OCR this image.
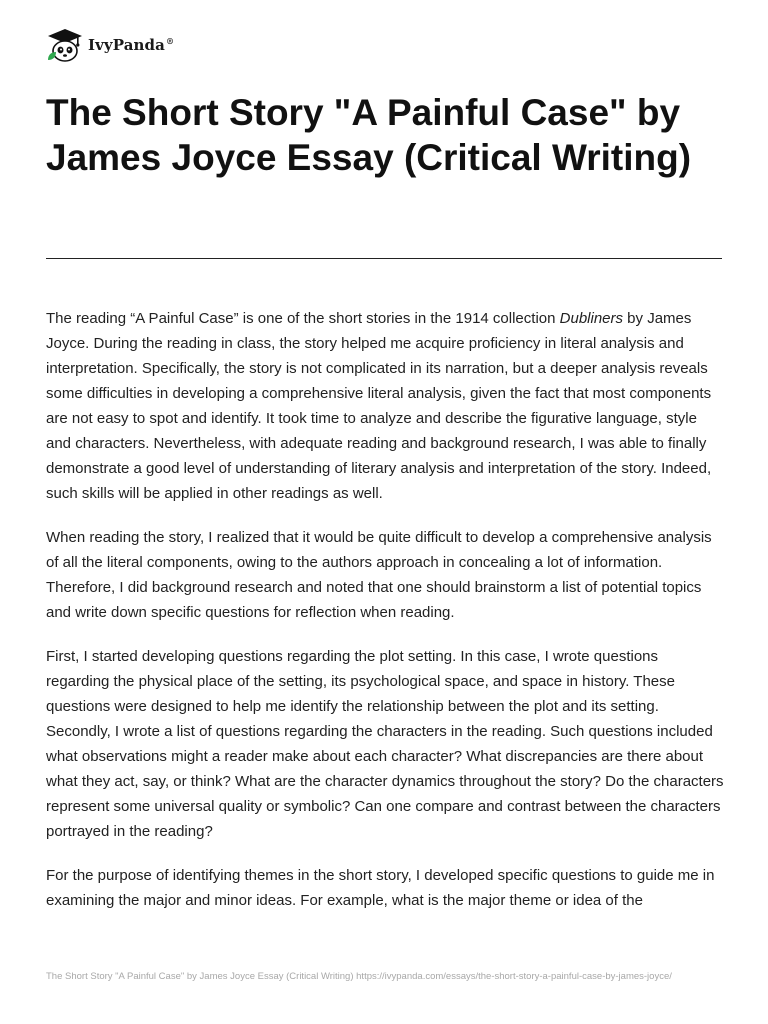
IvyPanda®
The Short Story "A Painful Case" by James Joyce Essay (Critical Writing)

The reading “A Painful Case” is one of the short stories in the 1914 collection Dubliners by James Joyce. During the reading in class, the story helped me acquire proficiency in literal analysis and interpretation. Specifically, the story is not complicated in its narration, but a deeper analysis reveals some difficulties in developing a comprehensive literal analysis, given the fact that most components are not easy to spot and identify. It took time to analyze and describe the figurative language, style and characters. Nevertheless, with adequate reading and background research, I was able to finally demonstrate a good level of understanding of literary analysis and interpretation of the story. Indeed, such skills will be applied in other readings as well.

When reading the story, I realized that it would be quite difficult to develop a comprehensive analysis of all the literal components, owing to the authors approach in concealing a lot of information. Therefore, I did background research and noted that one should brainstorm a list of potential topics and write down specific questions for reflection when reading.

First, I started developing questions regarding the plot setting. In this case, I wrote questions regarding the physical place of the setting, its psychological space, and space in history. These questions were designed to help me identify the relationship between the plot and its setting. Secondly, I wrote a list of questions regarding the characters in the reading. Such questions included what observations might a reader make about each character? What discrepancies are there about what they act, say, or think? What are the character dynamics throughout the story? Do the characters represent some universal quality or symbolic? Can one compare and contrast between the characters portrayed in the reading?

For the purpose of identifying themes in the short story, I developed specific questions to guide me in examining the major and minor ideas. For example, what is the major theme or idea of the

The Short Story "A Painful Case" by James Joyce Essay (Critical Writing) https://ivypanda.com/essays/the-short-story-a-painful-case-by-james-joyce/
